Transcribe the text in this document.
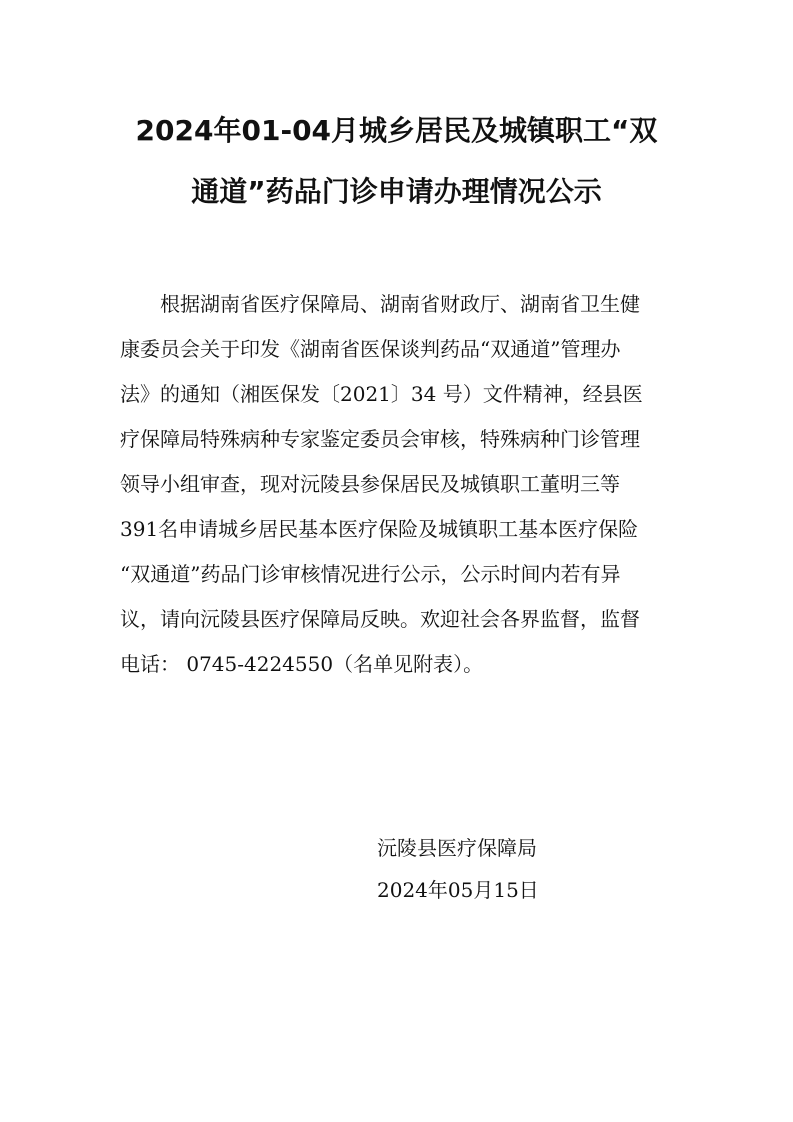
2024年01-04月城乡居民及城镇职工“双
通道”药品门诊申请办理情况公示

根据湖南省医疗保障局、湖南省财政厅、湖南省卫生健

康委员会关于印发《湖南省医保谈判药品“双通道”管理办

法》的通知（湘医保发〔2021〕34 号）文件精神，经县医

疗保障局特殊病种专家鉴定委员会审核，特殊病种门诊管理

领导小组审查，现对沅陵县参保居民及城镇职工董明三等

391名申请城乡居民基本医疗保险及城镇职工基本医疗保险

“双通道”药品门诊审核情况进行公示，公示时间内若有异

议，请向沅陵县医疗保障局反映。欢迎社会各界监督，监督

电话： 0745-4224550（名单见附表）。

沅陵县医疗保障局

2024年05月15日
